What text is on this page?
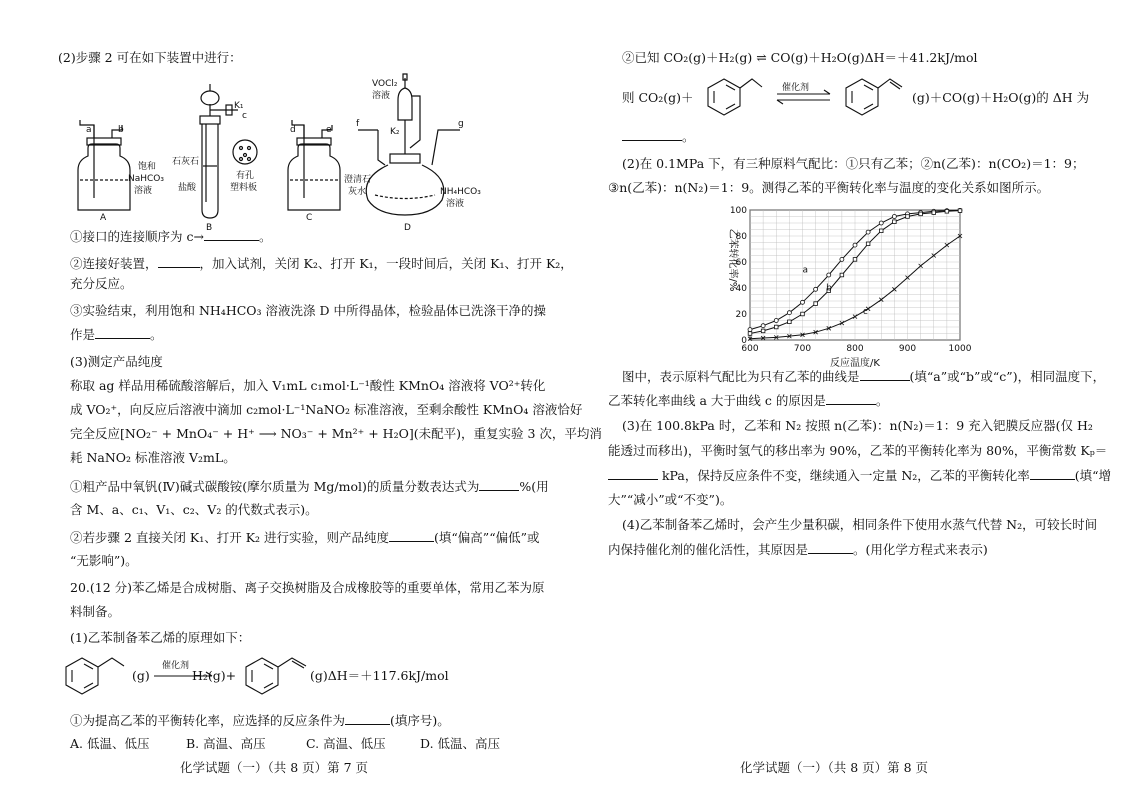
(2)步骤 2 可在如下装置中进行：
a	b
饱和
NaHCO₃
溶液
A
K₁
c
石灰石
盐酸
有孔
塑料板
B
d	e
澄清石
灰水
C
f	g
VOCl₂
溶液
K₂
NH₄HCO₃
溶液
D
①接口的连接顺序为 c→	。
②连接好装置，	，加入试剂，关闭 K₂、打开 K₁，一段时间后，关闭 K₁、打开 K₂，
充分反应。
③实验结束，利用饱和 NH₄HCO₃ 溶液洗涤 D 中所得晶体，检验晶体已洗涤干净的操
作是	。
(3)测定产品纯度
称取 ag 样品用稀硫酸溶解后，加入 V₁mL c₁mol·L⁻¹酸性 KMnO₄ 溶液将 VO²⁺转化
成 VO₂⁺，向反应后溶液中滴加 c₂mol·L⁻¹NaNO₂ 标准溶液，至剩余酸性 KMnO₄ 溶液恰好
完全反应[NO₂⁻ + MnO₄⁻ + H⁺ ⟶ NO₃⁻ + Mn²⁺ + H₂O](未配平)，重复实验 3 次，平均消
耗 NaNO₂ 标准溶液 V₂mL。
①粗产品中氧钒(Ⅳ)碱式碳酸铵(摩尔质量为 Mg/mol)的质量分数表达式为	%(用
含 M、a、c₁、V₁、c₂、V₂ 的代数式表示)。
②若步骤 2 直接关闭 K₁、打开 K₂ 进行实验，则产品纯度	(填“偏高”“偏低”或
“无影响”)。
20.(12 分)苯乙烯是合成树脂、离子交换树脂及合成橡胶等的重要单体，常用乙苯为原
料制备。
(1)乙苯制备苯乙烯的原理如下：
(g)
催化剂
H₂(g)+	(g)ΔH＝＋117.6kJ/mol
①为提高乙苯的平衡转化率，应选择的反应条件为	(填序号)。
A. 低温、低压	B. 高温、高压	C. 高温、低压	D. 低温、高压
化学试题（一）（共 8 页）第 7 页
②已知 CO₂(g)＋H₂(g) ⇌ CO(g)＋H₂O(g)ΔH＝＋41.2kJ/mol
则 CO₂(g)＋
催化剂
(g)＋CO(g)＋H₂O(g)的 ΔH 为
。
(2)在 0.1MPa 下，有三种原料气配比：①只有乙苯；②n(乙苯)：n(CO₂)＝1：9；
③n(乙苯)：n(N₂)＝1：9。测得乙苯的平衡转化率与温度的变化关系如图所示。
乙苯转化率/%
600	700	800	900	1000
0
20
40
60
80
100
a
b
c
反应温度/K
图中，表示原料气配比为只有乙苯的曲线是	(填“a”或“b”或“c”)，相同温度下，
乙苯转化率曲线 a 大于曲线 c 的原因是	。
(3)在 100.8kPa 时，乙苯和 N₂ 按照 n(乙苯)：n(N₂)＝1：9 充入钯膜反应器(仅 H₂
能透过而移出)，平衡时氢气的移出率为 90%，乙苯的平衡转化率为 80%，平衡常数 Kₚ＝
kPa，保持反应条件不变，继续通入一定量 N₂，乙苯的平衡转化率	(填“增
大”“减小”或“不变”)。
(4)乙苯制备苯乙烯时，会产生少量积碳，相同条件下使用水蒸气代替 N₂，可较长时间
内保持催化剂的催化活性，其原因是	。(用化学方程式来表示)
化学试题（一）（共 8 页）第 8 页
